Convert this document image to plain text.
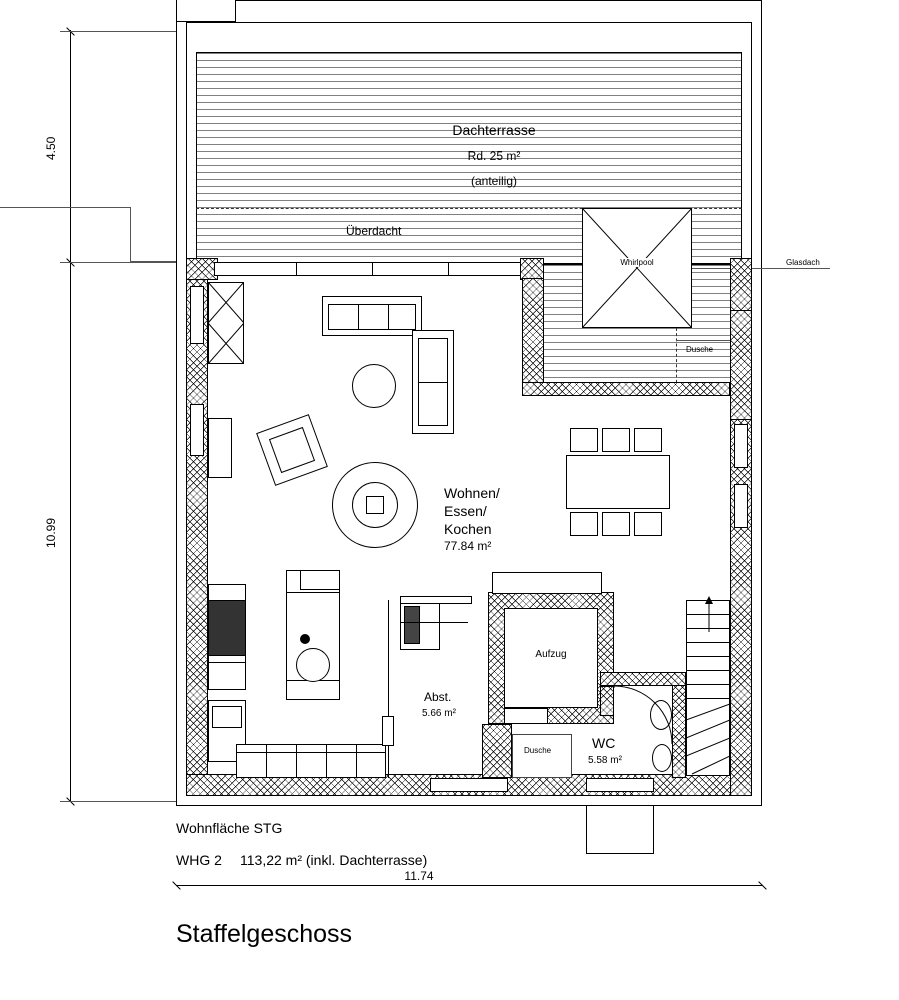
4.50
10.99
11.74
Dachterrasse
Rd. 25 m²
(anteilig)
Überdacht
Whirlpool	Glasdach
Dusche
Wohnen/
Essen/
Kochen
77.84 m²
Aufzug
Abst.
5.66 m²
Dusche	WC
5.58 m²
Wohnfläche STG
WHG 2 113,22 m² (inkl. Dachterrasse)
Staffelgeschoss
